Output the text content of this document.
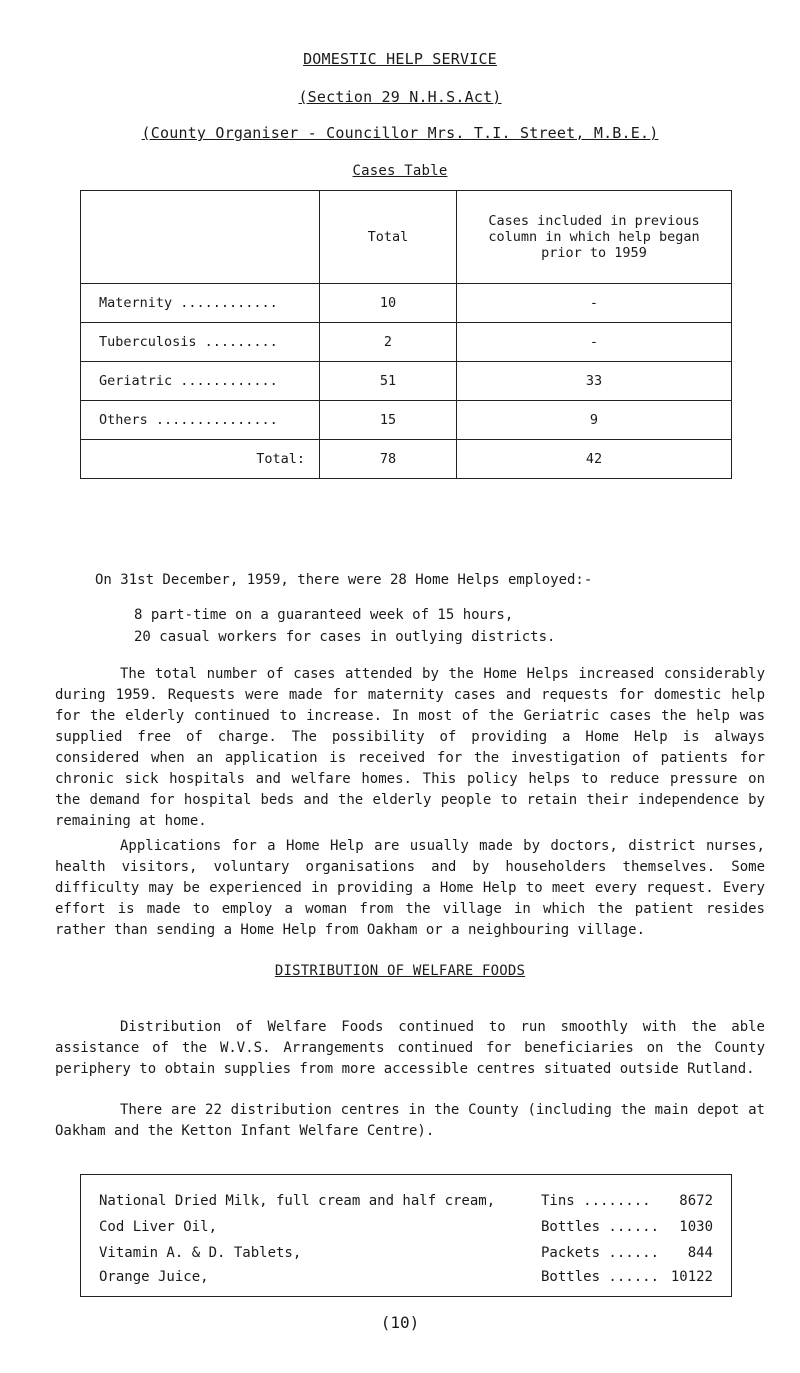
DOMESTIC HELP SERVICE
(Section 29 N.H.S.Act)
(County Organiser - Councillor Mrs. T.I. Street, M.B.E.)
Cases Table
	Total	Cases included in previous column in which help began prior to 1959
Maternity ............	10	-
Tuberculosis .........	2	-
Geriatric ............	51	33
Others ...............	15	9
Total:	78	42
On 31st December, 1959, there were 28 Home Helps employed:-
8 part-time on a guaranteed week of 15 hours,
20 casual workers for cases in outlying districts.

The total number of cases attended by the Home Helps increased considerably during 1959. Requests were made for maternity cases and requests for domestic help for the elderly continued to increase. In most of the Geriatric cases the help was supplied free of charge. The possibility of providing a Home Help is always considered when an application is received for the investigation of patients for chronic sick hospitals and welfare homes. This policy helps to reduce pressure on the demand for hospital beds and the elderly people to retain their independence by remaining at home.

Applications for a Home Help are usually made by doctors, district nurses, health visitors, voluntary organisations and by householders themselves. Some difficulty may be experienced in providing a Home Help to meet every request. Every effort is made to employ a woman from the village in which the patient resides rather than sending a Home Help from Oakham or a neighbouring village.

DISTRIBUTION OF WELFARE FOODS

Distribution of Welfare Foods continued to run smoothly with the able assistance of the W.V.S. Arrangements continued for beneficiaries on the County periphery to obtain supplies from more accessible centres situated outside Rutland.

There are 22 distribution centres in the County (including the main depot at Oakham and the Ketton Infant Welfare Centre).

National Dried Milk, full cream and half cream,	Tins ........ 8672
Cod Liver Oil,	Bottles ...... 1030
Vitamin A. & D. Tablets,	Packets ...... 844
Orange Juice,	Bottles ...... 10122
(10)
